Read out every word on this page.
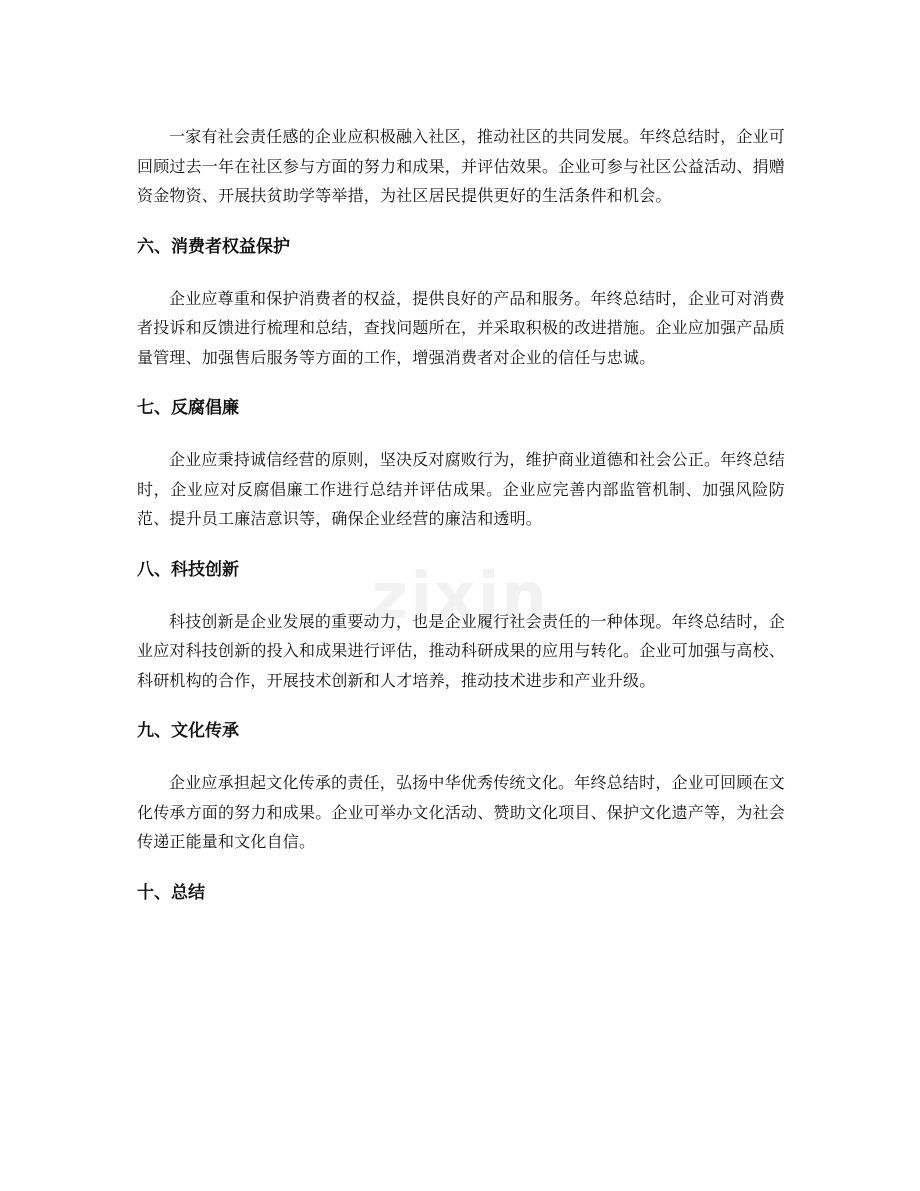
一家有社会责任感的企业应积极融入社区，推动社区的共同发展。年终总结时，企业可回顾过去一年在社区参与方面的努力和成果，并评估效果。企业可参与社区公益活动、捐赠资金物资、开展扶贫助学等举措，为社区居民提供更好的生活条件和机会。

六、消费者权益保护

企业应尊重和保护消费者的权益，提供良好的产品和服务。年终总结时，企业可对消费者投诉和反馈进行梳理和总结，查找问题所在，并采取积极的改进措施。企业应加强产品质量管理、加强售后服务等方面的工作，增强消费者对企业的信任与忠诚。

七、反腐倡廉

企业应秉持诚信经营的原则，坚决反对腐败行为，维护商业道德和社会公正。年终总结时，企业应对反腐倡廉工作进行总结并评估成果。企业应完善内部监管机制、加强风险防范、提升员工廉洁意识等，确保企业经营的廉洁和透明。

八、科技创新

科技创新是企业发展的重要动力，也是企业履行社会责任的一种体现。年终总结时，企业应对科技创新的投入和成果进行评估，推动科研成果的应用与转化。企业可加强与高校、科研机构的合作，开展技术创新和人才培养，推动技术进步和产业升级。

九、文化传承

企业应承担起文化传承的责任，弘扬中华优秀传统文化。年终总结时，企业可回顾在文化传承方面的努力和成果。企业可举办文化活动、赞助文化项目、保护文化遗产等，为社会传递正能量和文化自信。

十、总结
zixin
